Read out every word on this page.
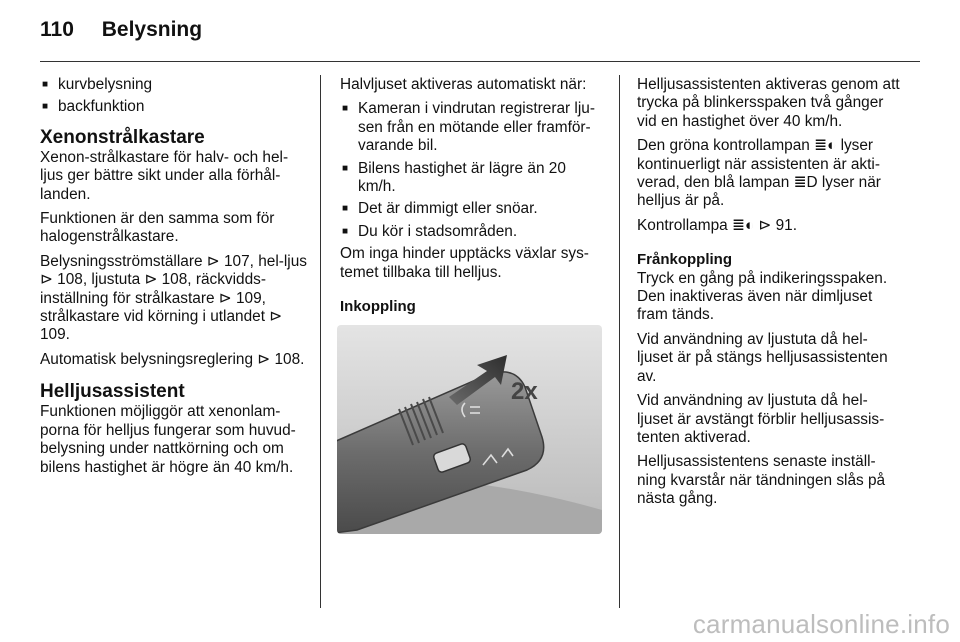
110 Belysning
■ kurvbelysning
■ backfunktion
Xenonstrålkastare

Xenon-strålkastare för halv- och hel-ljus ger bättre sikt under alla förhål-landen.

Funktionen är den samma som för halogenstrålkastare.

Belysningsströmställare ⊳ 107, hel-ljus ⊳ 108, ljustuta ⊳ 108, räckvidds-inställning för strålkastare ⊳ 109, strålkastare vid körning i utlandet ⊳ 109.

Automatisk belysningsreglering ⊳ 108.

Helljusassistent

Funktionen möjliggör att xenonlam-porna för helljus fungerar som huvud-belysning under nattkörning och om bilens hastighet är högre än 40 km/h.

Halvljuset aktiveras automatiskt när:

■ Kameran i vindrutan registrerar lju-sen från en mötande eller framför-varande bil.
■ Bilens hastighet är lägre än 20 km/h.
■ Det är dimmigt eller snöar.
■ Du kör i stadsområden.

Om inga hinder upptäcks växlar sys-temet tillbaka till helljus.

Inkoppling
2x

Helljusassistenten aktiveras genom att trycka på blinkersspaken två gånger vid en hastighet över 40 km/h.

Den gröna kontrollampan ≣◐ lyser kontinuerligt när assistenten är akti-verad, den blå lampan ≣D lyser när helljus är på.

Kontrollampa ≣◐ ⊳ 91.

Frånkoppling

Tryck en gång på indikeringsspaken. Den inaktiveras även när dimljuset fram tänds.

Vid användning av ljustuta då hel-ljuset är på stängs helljusassistenten av.

Vid användning av ljustuta då hel-ljuset är avstängt förblir helljusassis-tenten aktiverad.

Helljusassistentens senaste inställ-ning kvarstår när tändningen slås på nästa gång.

carmanualsonline.info
